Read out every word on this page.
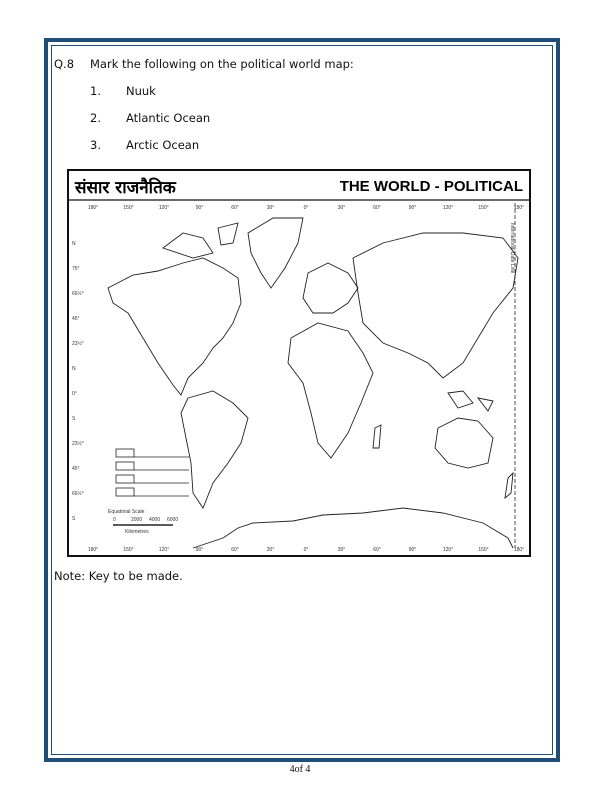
Q.8 Mark the following on the political world map:
1. Nuuk
2. Atlantic Ocean
3. Arctic Ocean
संसार राजनैतिक	THE WORLD - POLITICAL
180°	150°	120°	90°	60°	30°	0°	30°	60°	90°	120°	150°	180°
180°	150°	120°	90°	60°	30°	0°	30°	60°	90°	120°	150°	180°
N
75°
66½°
45°
23½°
N
0°
S
23½°
45°
66½°
S
International Date Line
Equatorial Scale
0	2000 4000 6000
Kilometres
Note: Key to be made.
4of 4
